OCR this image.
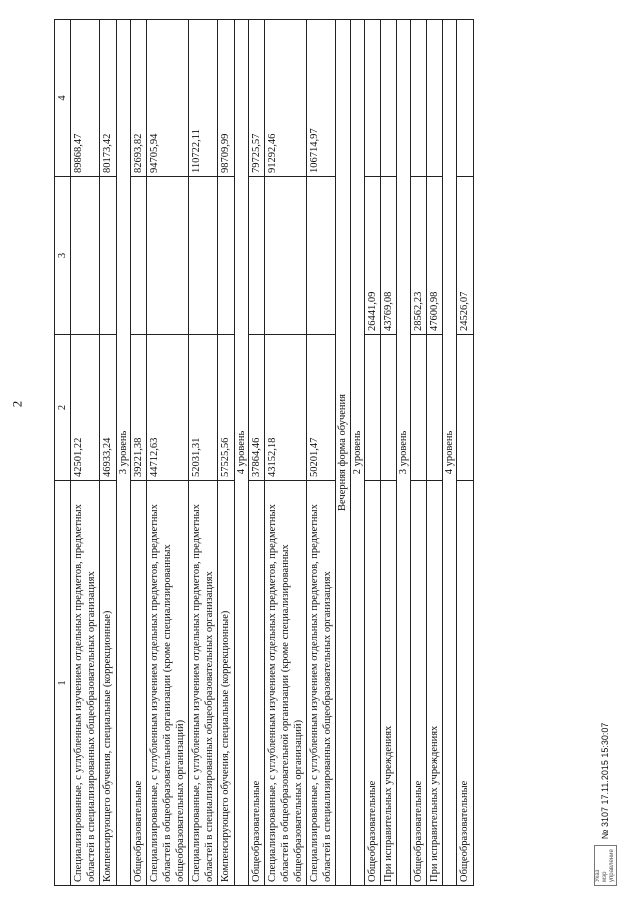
2
1	2	3	4
Специализированные, с углубленным изучением отдельных предметов, предметных областей в специализированных общеобразовательных организациях	42501,22		89868,47
Компенсирующего обучения, специальные (коррекционные)	46933,24		80173,42
3 уровень			
Общеобразовательные	39221,38		82693,82
Специализированные, с углубленным изучением отдельных предметов, предметных областей в общеобразовательной организации (кроме специализированных общеобразовательных организаций)	44712,63		94705,94
Специализированные, с углубленным изучением отдельных предметов, предметных областей в специализированных общеобразовательных организациях	52031,31		110722,11
Компенсирующего обучения, специальные (коррекционные)	57525,56		98709,99
4 уровень			
Общеобразовательные	37864,46		79725,57
Специализированные, с углубленным изучением отдельных предметов, предметных областей в общеобразовательной организации (кроме специализированных общеобразовательных организаций)	43152,18		91292,46
Специализированные, с углубленным изучением отдельных предметов, предметных областей в специализированных общеобразовательных организациях	50201,47		106714,97
Вечерняя форма обучения			
2 уровень			
Общеобразовательные		26441,09	
При исправительных учреждениях		43769,08	
3 уровень			
Общеобразовательные		28562,23	
При исправительных учреждениях		47600,98	
4 уровень			
Общеобразовательные		24526,07	
Указ мэр управление
№ 3107 17.11.2015 15:30:07
